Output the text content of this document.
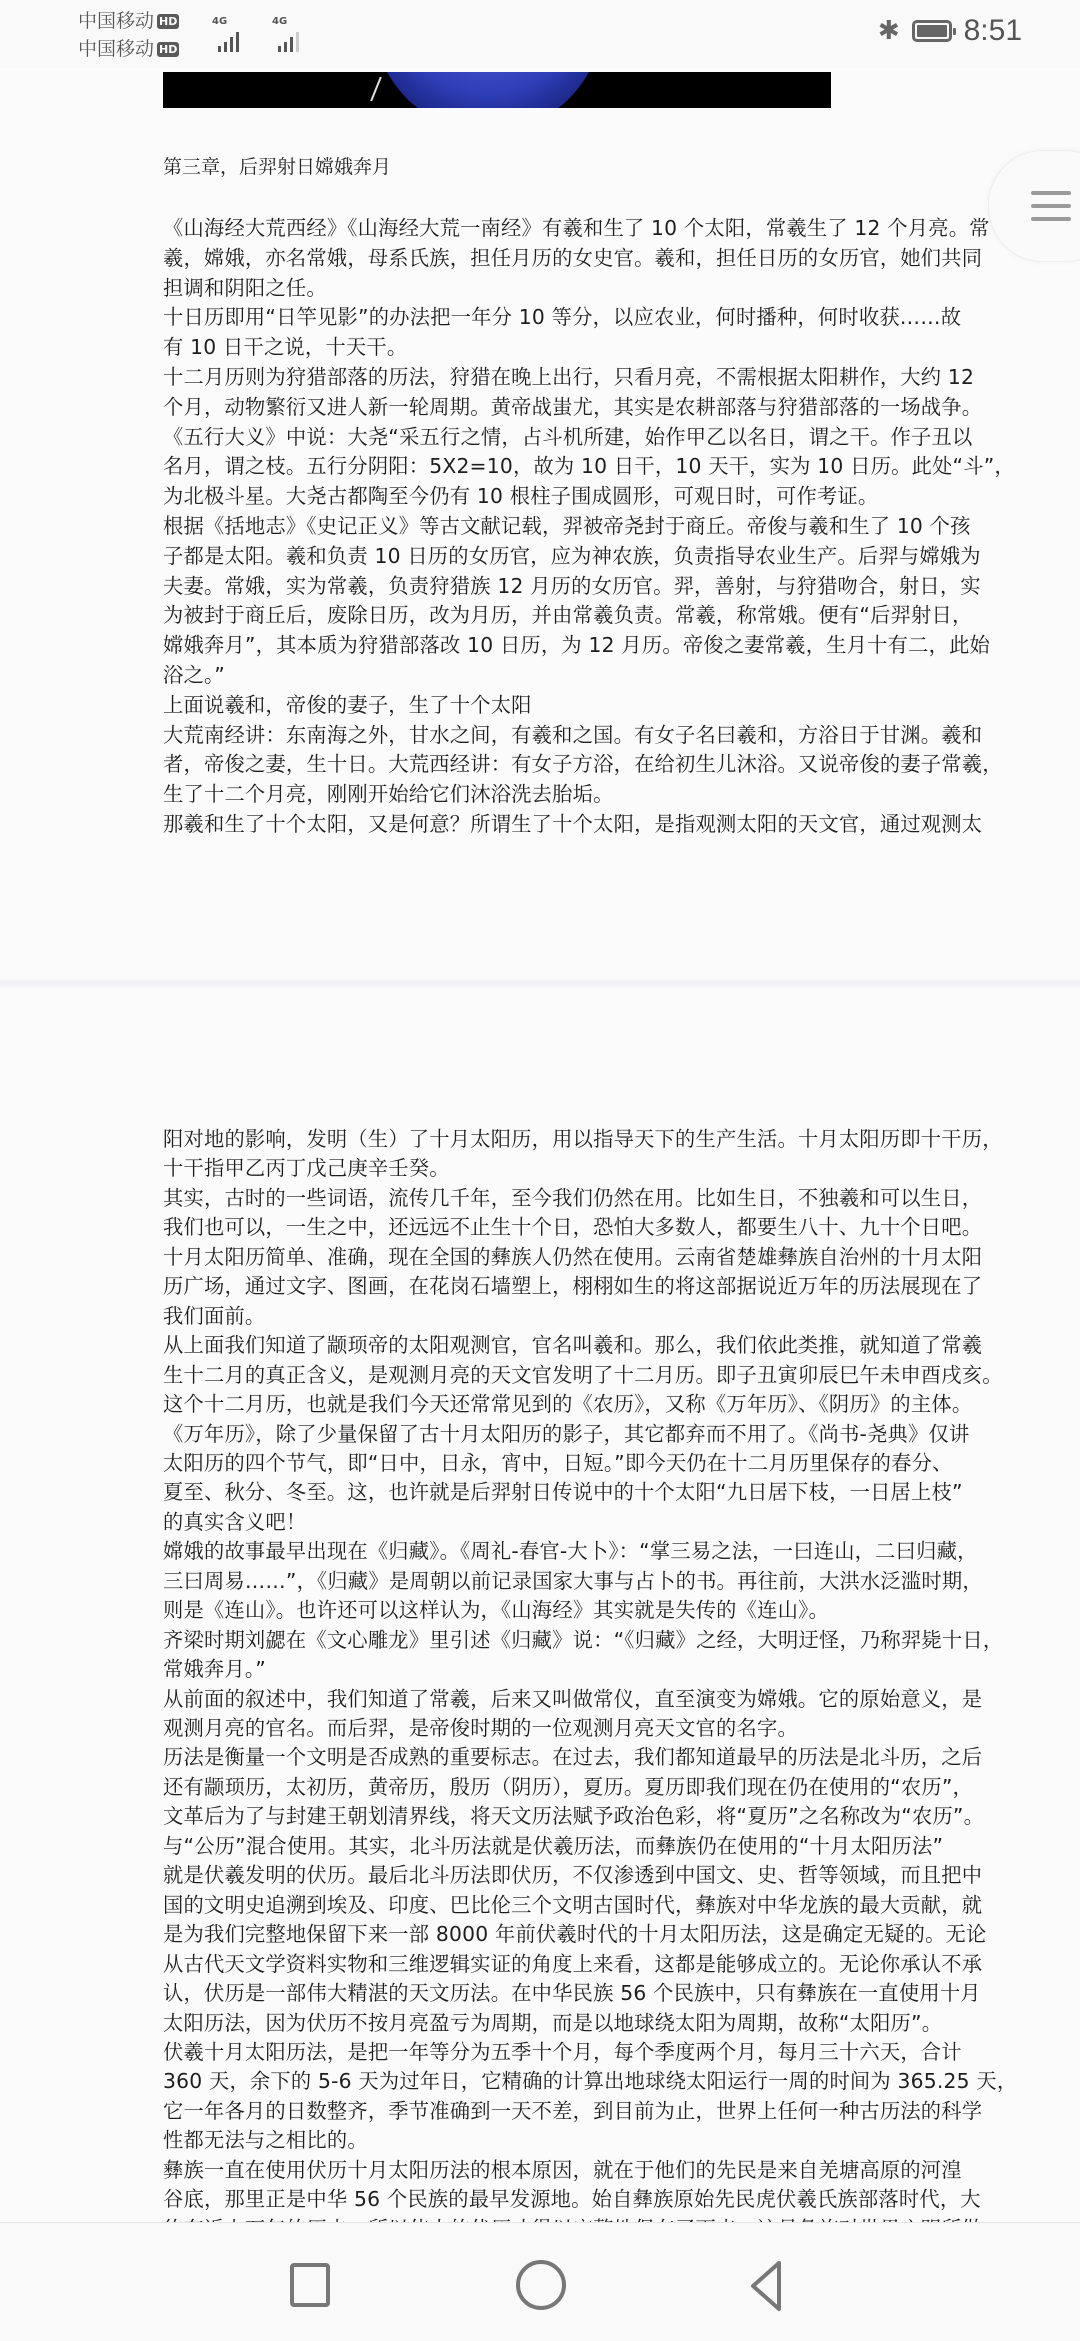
中国移动 HD
中国移动 HD
4G	4G	✱ 8:51
第三章，后羿射日嫦娥奔月
《山海经大荒西经》《山海经大荒一南经》有羲和生了 10 个太阳，常羲生了 12 个月亮。常
羲，嫦娥，亦名常娥，母系氏族，担任月历的女史官。羲和，担任日历的女历官，她们共同
担调和阴阳之任。
十日历即用“日竿见影”的办法把一年分 10 等分，以应农业，何时播种，何时收获……故
有 10 日干之说，十天干。
十二月历则为狩猎部落的历法，狩猎在晚上出行，只看月亮，不需根据太阳耕作，大约 12
个月，动物繁衍又进人新一轮周期。黄帝战蚩尤，其实是农耕部落与狩猎部落的一场战争。
《五行大义》中说：大尧“采五行之情，占斗机所建，始作甲乙以名日，谓之干。作子丑以
名月，谓之枝。五行分阴阳：5X2=10，故为 10 日干，10 天干，实为 10 日历。此处“斗”，
为北极斗星。大尧古都陶至今仍有 10 根柱子围成圆形，可观日时，可作考证。
根据《括地志》《史记正义》等古文献记载，羿被帝尧封于商丘。帝俊与羲和生了 10 个孩
子都是太阳。羲和负责 10 日历的女历官，应为神农族，负责指导农业生产。后羿与嫦娥为
夫妻。常娥，实为常羲，负责狩猎族 12 月历的女历官。羿，善射，与狩猎吻合，射日，实
为被封于商丘后，废除日历，改为月历，并由常羲负责。常羲，称常娥。便有“后羿射日，
嫦娥奔月”，其本质为狩猎部落改 10 日历，为 12 月历。帝俊之妻常羲，生月十有二，此始
浴之。”
上面说羲和，帝俊的妻子，生了十个太阳
大荒南经讲：东南海之外，甘水之间，有羲和之国。有女子名曰羲和，方浴日于甘渊。羲和
者，帝俊之妻，生十日。大荒西经讲：有女子方浴，在给初生儿沐浴。又说帝俊的妻子常羲，
生了十二个月亮，刚刚开始给它们沐浴洗去胎垢。
那羲和生了十个太阳，又是何意？所谓生了十个太阳，是指观测太阳的天文官，通过观测太
阳对地的影响，发明（生）了十月太阳历，用以指导天下的生产生活。十月太阳历即十干历，
十干指甲乙丙丁戊己庚辛壬癸。
其实，古时的一些词语，流传几千年，至今我们仍然在用。比如生日，不独羲和可以生日，
我们也可以，一生之中，还远远不止生十个日，恐怕大多数人，都要生八十、九十个日吧。
十月太阳历简单、准确，现在全国的彝族人仍然在使用。云南省楚雄彝族自治州的十月太阳
历广场，通过文字、图画，在花岗石墙塑上，栩栩如生的将这部据说近万年的历法展现在了
我们面前。
从上面我们知道了颛顼帝的太阳观测官，官名叫羲和。那么，我们依此类推，就知道了常羲
生十二月的真正含义，是观测月亮的天文官发明了十二月历。即子丑寅卯辰巳午未申酉戌亥。
这个十二月历，也就是我们今天还常常见到的《农历》，又称《万年历》、《阴历》的主体。
《万年历》，除了少量保留了古十月太阳历的影子，其它都弃而不用了。《尚书-尧典》仅讲
太阳历的四个节气，即“日中，日永，宵中，日短。”即今天仍在十二月历里保存的春分、
夏至、秋分、冬至。这，也许就是后羿射日传说中的十个太阳“九日居下枝，一日居上枝”
的真实含义吧！
嫦娥的故事最早出现在《归藏》。《周礼-春官-大卜》：“掌三易之法，一曰连山，二曰归藏，
三曰周易……”，《归藏》是周朝以前记录国家大事与占卜的书。再往前，大洪水泛滥时期，
则是《连山》。也许还可以这样认为，《山海经》其实就是失传的《连山》。
齐梁时期刘勰在《文心雕龙》里引述《归藏》说：“《归藏》之经，大明迂怪，乃称羿毙十日，
常娥奔月。”
从前面的叙述中，我们知道了常羲，后来又叫做常仪，直至演变为嫦娥。它的原始意义，是
观测月亮的官名。而后羿，是帝俊时期的一位观测月亮天文官的名字。
历法是衡量一个文明是否成熟的重要标志。在过去，我们都知道最早的历法是北斗历，之后
还有颛顼历，太初历，黄帝历，殷历（阴历），夏历。夏历即我们现在仍在使用的“农历”，
文革后为了与封建王朝划清界线，将天文历法赋予政治色彩，将“夏历”之名称改为“农历”。
与“公历”混合使用。其实，北斗历法就是伏羲历法，而彝族仍在使用的“十月太阳历法”
就是伏羲发明的伏历。最后北斗历法即伏历，不仅渗透到中国文、史、哲等领域，而且把中
国的文明史追溯到埃及、印度、巴比伦三个文明古国时代，彝族对中华龙族的最大贡献，就
是为我们完整地保留下来一部 8000 年前伏羲时代的十月太阳历法，这是确定无疑的。无论
从古代天文学资料实物和三维逻辑实证的角度上来看，这都是能够成立的。无论你承认不承
认，伏历是一部伟大精湛的天文历法。在中华民族 56 个民族中，只有彝族在一直使用十月
太阳历法，因为伏历不按月亮盈亏为周期，而是以地球绕太阳为周期，故称“太阳历”。
伏羲十月太阳历法，是把一年等分为五季十个月，每个季度两个月，每月三十六天，合计
360 天，余下的 5-6 天为过年日，它精确的计算出地球绕太阳运行一周的时间为 365.25 天，
它一年各月的日数整齐，季节准确到一天不差，到目前为止，世界上任何一种古历法的科学
性都无法与之相比的。
彝族一直在使用伏历十月太阳历法的根本原因，就在于他们的先民是来自羌塘高原的河湟
谷底，那里正是中华 56 个民族的最早发源地。始自彝族原始先民虎伏羲氏族部落时代，大
